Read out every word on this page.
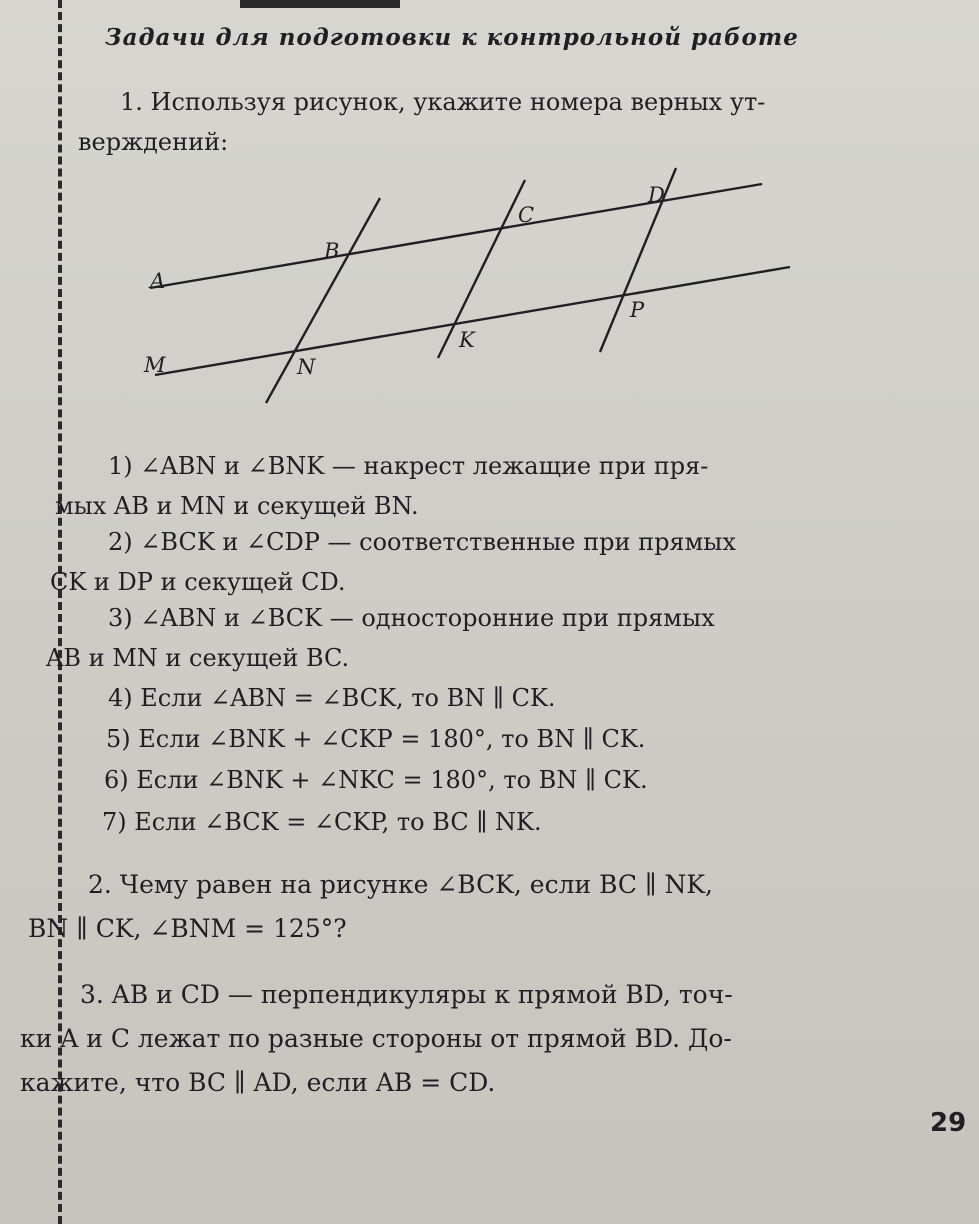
Задачи для подготовки к контрольной работе
1. Используя рисунок, укажите номера верных ут-
верждений:
A
B
C
D
M	N
K
P
1) ∠ABN и ∠BNK — накрест лежащие при пря-
мых AB и MN и секущей BN.
2) ∠BCK и ∠CDP — соответственные при прямых
CK и DP и секущей CD.
3) ∠ABN и ∠BCK — односторонние при прямых
AB и MN и секущей BC.
4) Если ∠ABN = ∠BCK, то BN ∥ CK.
5) Если ∠BNK + ∠CKP = 180°, то BN ∥ CK.
6) Если ∠BNK + ∠NKC = 180°, то BN ∥ CK.
7) Если ∠BCK = ∠CKP, то BC ∥ NK.
2. Чему равен на рисунке ∠BCK, если BC ∥ NK,
BN ∥ CK, ∠BNM = 125°?
3. AB и CD — перпендикуляры к прямой BD, точ-
ки A и C лежат по разные стороны от прямой BD. До-
кажите, что BC ∥ AD, если AB = CD.
29
